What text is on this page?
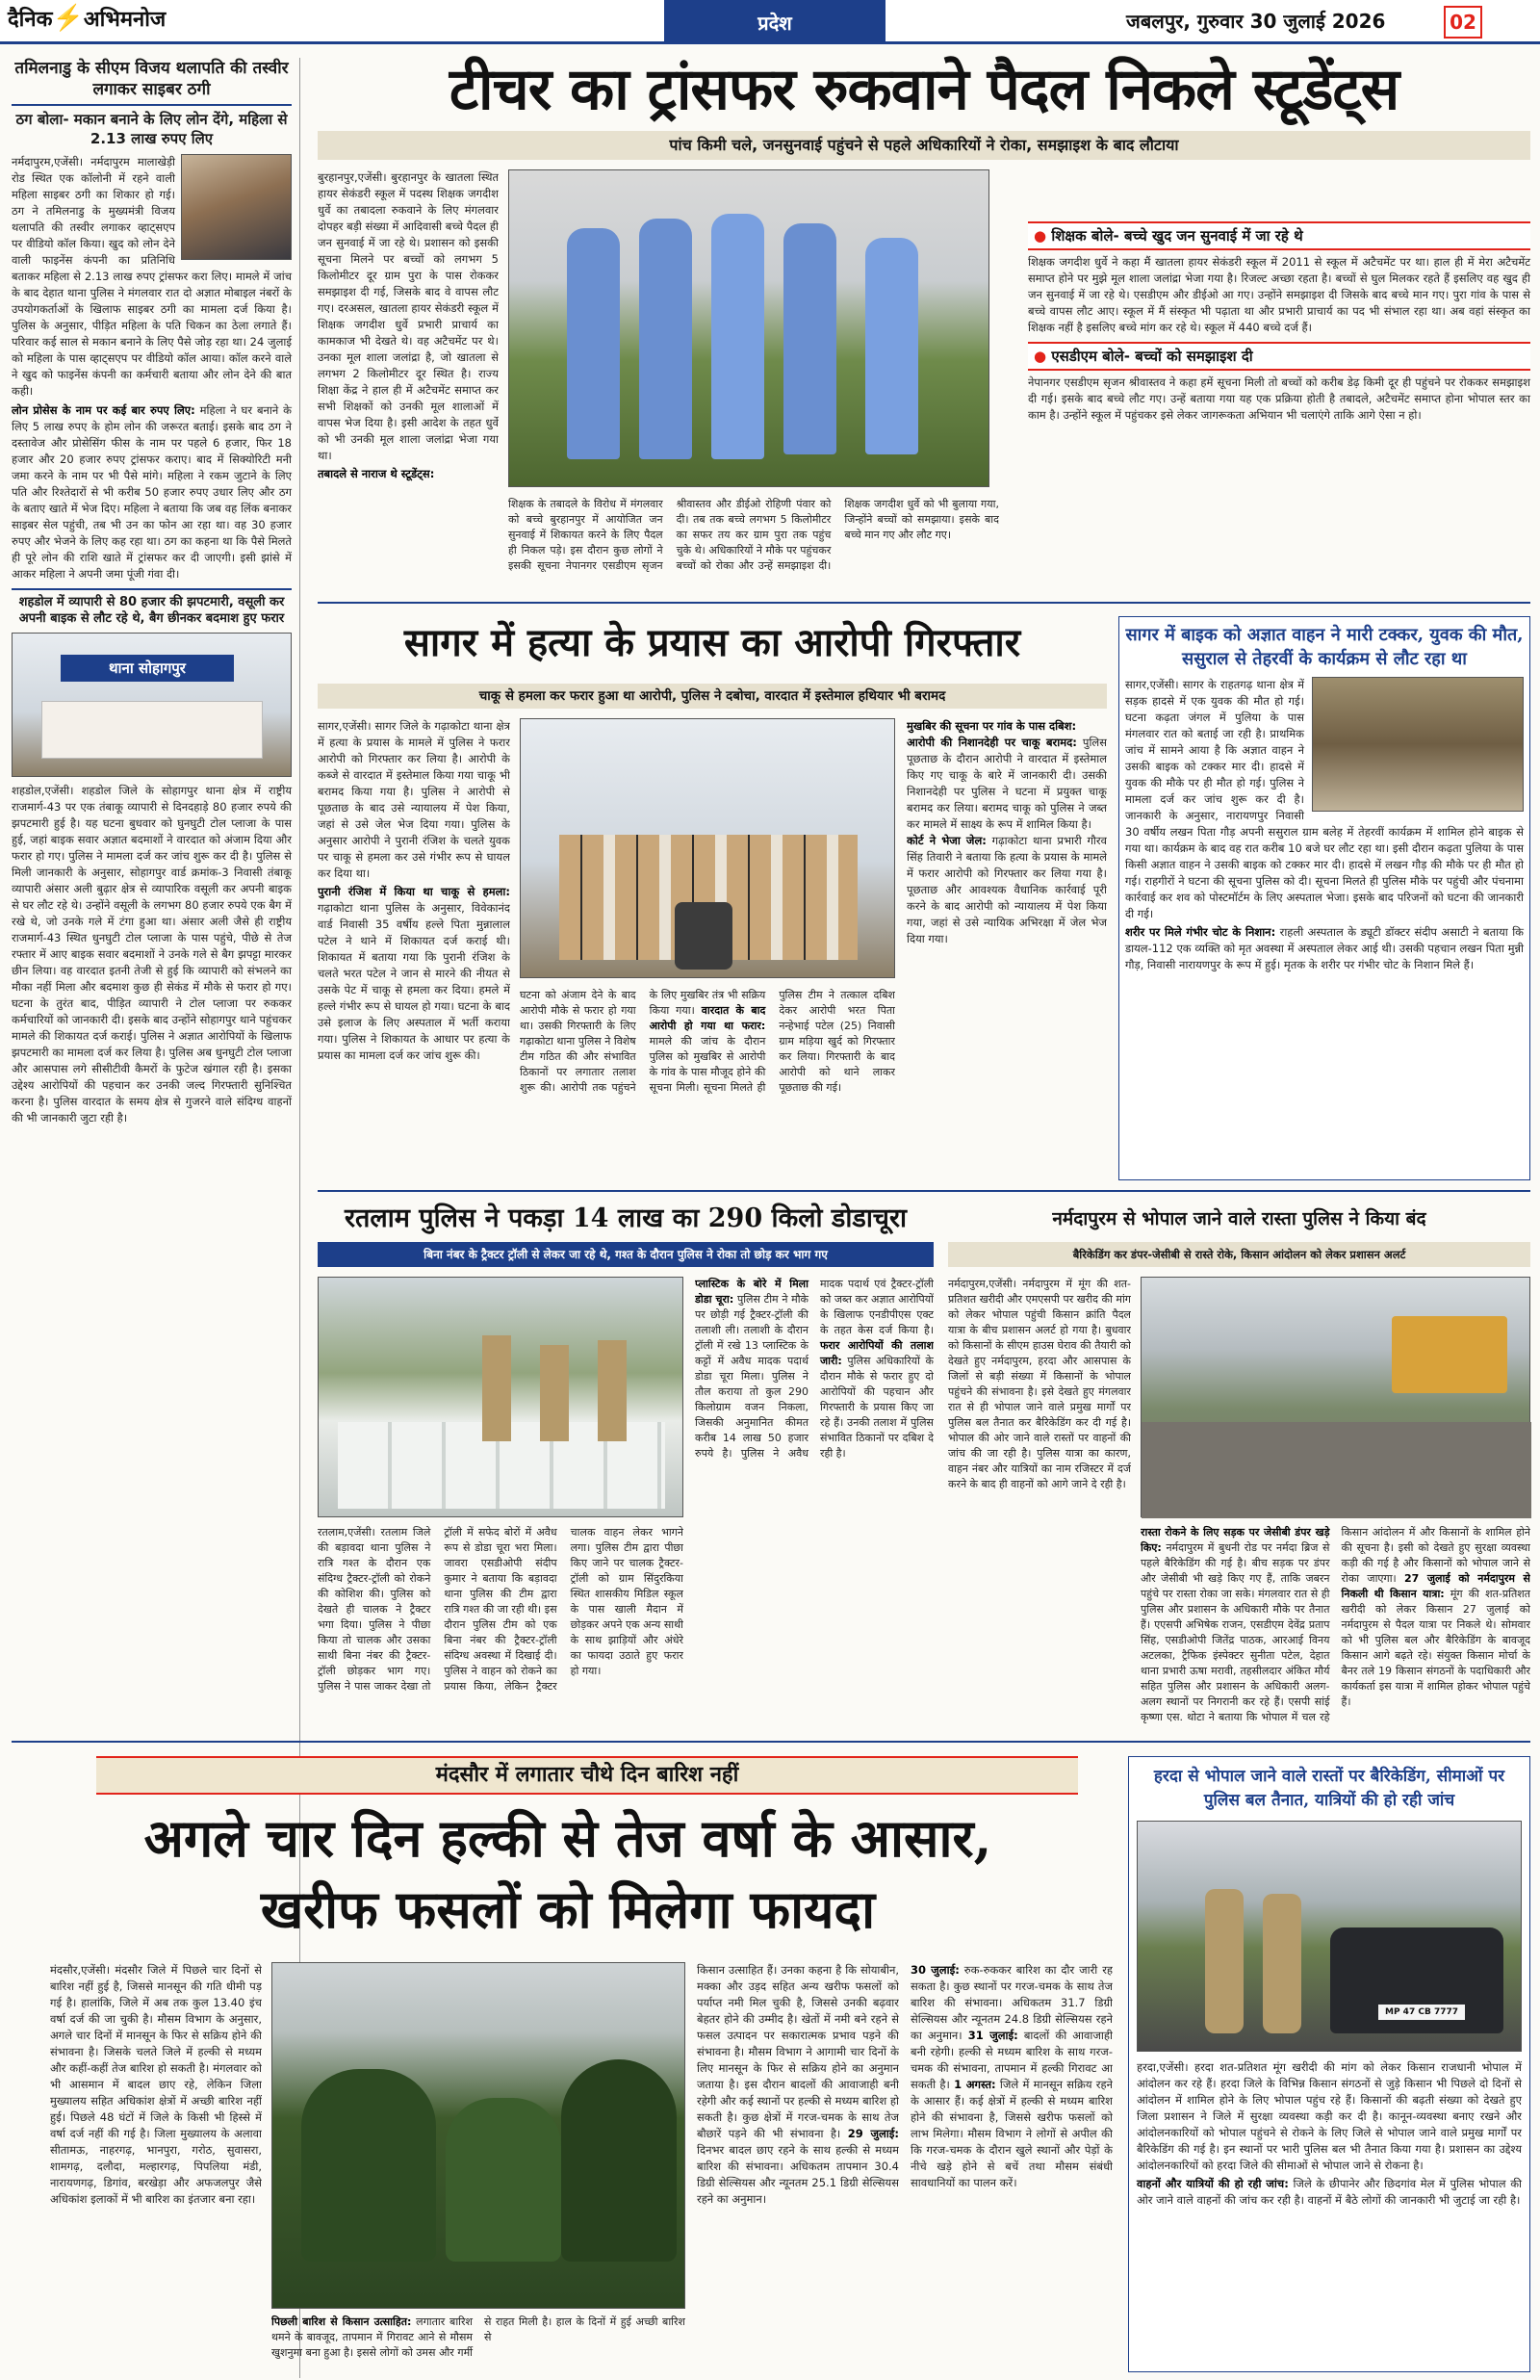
दैनिक⚡अभिमनोज	प्रदेश	जबलपुर, गुरुवार 30 जुलाई 2026	02
तमिलनाडु के सीएम विजय थलापति की तस्वीर लगाकर साइबर ठगी
ठग बोला- मकान बनाने के लिए लोन देंगे, महिला से 2.13 लाख रुपए लिए

नर्मदापुरम,एजेंसी। नर्मदापुरम मालाखेड़ी रोड स्थित एक कॉलोनी में रहने वाली महिला साइबर ठगी का शिकार हो गई। ठग ने तमिलनाडु के मुख्यमंत्री विजय थलापति की तस्वीर लगाकर व्हाट्सएप पर वीडियो कॉल किया। खुद को लोन देने वाली फाइनेंस कंपनी का प्रतिनिधि बताकर महिला से 2.13 लाख रुपए ट्रांसफर करा लिए। मामले में जांच के बाद देहात थाना पुलिस ने मंगलवार रात दो अज्ञात मोबाइल नंबरों के उपयोगकर्ताओं के खिलाफ साइबर ठगी का मामला दर्ज किया है। पुलिस के अनुसार, पीड़ित महिला के पति चिकन का ठेला लगाते हैं। परिवार कई साल से मकान बनाने के लिए पैसे जोड़ रहा था। 24 जुलाई को महिला के पास व्हाट्सएप पर वीडियो कॉल आया। कॉल करने वाले ने खुद को फाइनेंस कंपनी का कर्मचारी बताया और लोन देने की बात कही।

लोन प्रोसेस के नाम पर कई बार रुपए लिए: महिला ने घर बनाने के लिए 5 लाख रुपए के होम लोन की जरूरत बताई। इसके बाद ठग ने दस्तावेज और प्रोसेसिंग फीस के नाम पर पहले 6 हजार, फिर 18 हजार और 20 हजार रुपए ट्रांसफर कराए। बाद में सिक्योरिटी मनी जमा करने के नाम पर भी पैसे मांगे। महिला ने रकम जुटाने के लिए पति और रिश्तेदारों से भी करीब 50 हजार रुपए उधार लिए और ठग के बताए खाते में भेज दिए। महिला ने बताया कि जब वह लिंक बनाकर साइबर सेल पहुंची, तब भी उन का फोन आ रहा था। वह 30 हजार रुपए और भेजने के लिए कह रहा था। ठग का कहना था कि पैसे मिलते ही पूरे लोन की राशि खाते में ट्रांसफर कर दी जाएगी। इसी झांसे में आकर महिला ने अपनी जमा पूंजी गंवा दी।

शहडोल में व्यापारी से 80 हजार की झपटमारी, वसूली कर अपनी बाइक से लौट रहे थे, बैग छीनकर बदमाश हुए फरार
थाना सोहागपुर

शहडोल,एजेंसी। शहडोल जिले के सोहागपुर थाना क्षेत्र में राष्ट्रीय राजमार्ग-43 पर एक तंबाकू व्यापारी से दिनदहाड़े 80 हजार रुपये की झपटमारी हुई है। यह घटना बुधवार को घुनघुटी टोल प्लाजा के पास हुई, जहां बाइक सवार अज्ञात बदमाशों ने वारदात को अंजाम दिया और फरार हो गए। पुलिस ने मामला दर्ज कर जांच शुरू कर दी है। पुलिस से मिली जानकारी के अनुसार, सोहागपुर वार्ड क्रमांक-3 निवासी तंबाकू व्यापारी अंसार अली बुढ़ार क्षेत्र से व्यापारिक वसूली कर अपनी बाइक से घर लौट रहे थे। उन्होंने वसूली के लगभग 80 हजार रुपये एक बैग में रखे थे, जो उनके गले में टंगा हुआ था। अंसार अली जैसे ही राष्ट्रीय राजमार्ग-43 स्थित धुनघुटी टोल प्लाजा के पास पहुंचे, पीछे से तेज रफ्तार में आए बाइक सवार बदमाशों ने उनके गले से बैग झपट्टा मारकर छीन लिया। वह वारदात इतनी तेजी से हुई कि व्यापारी को संभलने का मौका नहीं मिला और बदमाश कुछ ही सेकंड में मौके से फरार हो गए। घटना के तुरंत बाद, पीड़ित व्यापारी ने टोल प्लाजा पर रुककर कर्मचारियों को जानकारी दी। इसके बाद उन्होंने सोहागपुर थाने पहुंचकर मामले की शिकायत दर्ज कराई। पुलिस ने अज्ञात आरोपियों के खिलाफ झपटमारी का मामला दर्ज कर लिया है। पुलिस अब धुनघुटी टोल प्लाजा और आसपास लगे सीसीटीवी कैमरों के फुटेज खंगाल रही है। इसका उद्देश्य आरोपियों की पहचान कर उनकी जल्द गिरफ्तारी सुनिश्चित करना है। पुलिस वारदात के समय क्षेत्र से गुजरने वाले संदिग्ध वाहनों की भी जानकारी जुटा रही है।

टीचर का ट्रांसफर रुकवाने पैदल निकले स्टूडेंट्स
पांच किमी चले, जनसुनवाई पहुंचने से पहले अधिकारियों ने रोका, समझाइश के बाद लौटाया

बुरहानपुर,एजेंसी। बुरहानपुर के खातला स्थित हायर सेकंडरी स्कूल में पदस्थ शिक्षक जगदीश धुर्वे का तबादला रुकवाने के लिए मंगलवार दोपहर बड़ी संख्या में आदिवासी बच्चे पैदल ही जन सुनवाई में जा रहे थे। प्रशासन को इसकी सूचना मिलने पर बच्चों को लगभग 5 किलोमीटर दूर ग्राम पुरा के पास रोककर समझाइश दी गई, जिसके बाद वे वापस लौट गए। दरअसल, खातला हायर सेकंडरी स्कूल में शिक्षक जगदीश धुर्वे प्रभारी प्राचार्य का कामकाज भी देखते थे। वह अटैचमेंट पर थे। उनका मूल शाला जलांद्रा है, जो खातला से लगभग 2 किलोमीटर दूर स्थित है। राज्य शिक्षा केंद्र ने हाल ही में अटैचमेंट समाप्त कर सभी शिक्षकों को उनकी मूल शालाओं में वापस भेज दिया है। इसी आदेश के तहत धुर्वे को भी उनकी मूल शाला जलांद्रा भेजा गया था।

तबादले से नाराज थे स्टूडेंट्स:

शिक्षक के तबादले के विरोध में मंगलवार को बच्चे बुरहानपुर में आयोजित जन सुनवाई में शिकायत करने के लिए पैदल ही निकल पड़े। इस दौरान कुछ लोगों ने इसकी सूचना नेपानगर एसडीएम सृजन श्रीवास्तव और डीईओ रोहिणी पंवार को दी। तब तक बच्चे लगभग 5 किलोमीटर का सफर तय कर ग्राम पुरा तक पहुंच चुके थे। अधिकारियों ने मौके पर पहुंचकर बच्चों को रोका और उन्हें समझाइश दी। शिक्षक जगदीश धुर्वे को भी बुलाया गया, जिन्होंने बच्चों को समझाया। इसके बाद बच्चे मान गए और लौट गए।
● शिक्षक बोले- बच्चे खुद जन सुनवाई में जा रहे थे

शिक्षक जगदीश धुर्वे ने कहा मैं खातला हायर सेकंडरी स्कूल में 2011 से स्कूल में अटैचमेंट पर था। हाल ही में मेरा अटैचमेंट समाप्त होने पर मुझे मूल शाला जलांद्रा भेजा गया है। रिजल्ट अच्छा रहता है। बच्चों से घुल मिलकर रहते हैं इसलिए वह खुद ही जन सुनवाई में जा रहे थे। एसडीएम और डीईओ आ गए। उन्होंने समझाइश दी जिसके बाद बच्चे मान गए। पुरा गांव के पास से बच्चे वापस लौट आए। स्कूल में मैं संस्कृत भी पढ़ाता था और प्रभारी प्राचार्य का पद भी संभाल रहा था। अब वहां संस्कृत का शिक्षक नहीं है इसलिए बच्चे मांग कर रहे थे। स्कूल में 440 बच्चे दर्ज हैं।

● एसडीएम बोले- बच्चों को समझाइश दी

नेपानगर एसडीएम सृजन श्रीवास्तव ने कहा हमें सूचना मिली तो बच्चों को करीब डेढ़ किमी दूर ही पहुंचने पर रोककर समझाइश दी गई। इसके बाद बच्चे लौट गए। उन्हें बताया गया यह एक प्रक्रिया होती है तबादले, अटैचमेंट समाप्त होना भोपाल स्तर का काम है। उन्होंने स्कूल में पहुंचकर इसे लेकर जागरूकता अभियान भी चलाएंगे ताकि आगे ऐसा न हो।

सागर में हत्या के प्रयास का आरोपी गिरफ्तार
चाकू से हमला कर फरार हुआ था आरोपी, पुलिस ने दबोचा, वारदात में इस्तेमाल हथियार भी बरामद

सागर,एजेंसी। सागर जिले के गढ़ाकोटा थाना क्षेत्र में हत्या के प्रयास के मामले में पुलिस ने फरार आरोपी को गिरफ्तार कर लिया है। आरोपी के कब्जे से वारदात में इस्तेमाल किया गया चाकू भी बरामद किया गया है। पुलिस ने आरोपी से पूछताछ के बाद उसे न्यायालय में पेश किया, जहां से उसे जेल भेज दिया गया। पुलिस के अनुसार आरोपी ने पुरानी रंजिश के चलते युवक पर चाकू से हमला कर उसे गंभीर रूप से घायल कर दिया था।

पुरानी रंजिश में किया था चाकू से हमला: गढ़ाकोटा थाना पुलिस के अनुसार, विवेकानंद वार्ड निवासी 35 वर्षीय हल्ले पिता मुन्नालाल पटेल ने थाने में शिकायत दर्ज कराई थी। शिकायत में बताया गया कि पुरानी रंजिश के चलते भरत पटेल ने जान से मारने की नीयत से उसके पेट में चाकू से हमला कर दिया। हमले में हल्ले गंभीर रूप से घायल हो गया। घटना के बाद उसे इलाज के लिए अस्पताल में भर्ती कराया गया। पुलिस ने शिकायत के आधार पर हत्या के प्रयास का मामला दर्ज कर जांच शुरू की।

घटना को अंजाम देने के बाद आरोपी मौके से फरार हो गया था। उसकी गिरफ्तारी के लिए गढ़ाकोटा थाना पुलिस ने विशेष टीम गठित की और संभावित ठिकानों पर लगातार तलाश शुरू की। आरोपी तक पहुंचने के लिए मुखबिर तंत्र भी सक्रिय किया गया। वारदात के बाद आरोपी हो गया था फरार: मामले की जांच के दौरान पुलिस को मुखबिर से आरोपी के गांव के पास मौजूद होने की सूचना मिली। सूचना मिलते ही पुलिस टीम ने तत्काल दबिश देकर आरोपी भरत पिता नन्हेभाई पटेल (25) निवासी ग्राम मड़िया खुर्द को गिरफ्तार कर लिया। गिरफ्तारी के बाद आरोपी को थाने लाकर पूछताछ की गई।

मुखबिर की सूचना पर गांव के पास दबिश:

आरोपी की निशानदेही पर चाकू बरामद: पुलिस पूछताछ के दौरान आरोपी ने वारदात में इस्तेमाल किए गए चाकू के बारे में जानकारी दी। उसकी निशानदेही पर पुलिस ने घटना में प्रयुक्त चाकू बरामद कर लिया। बरामद चाकू को पुलिस ने जब्त कर मामले में साक्ष्य के रूप में शामिल किया है।

कोर्ट ने भेजा जेल: गढ़ाकोटा थाना प्रभारी गौरव सिंह तिवारी ने बताया कि हत्या के प्रयास के मामले में फरार आरोपी को गिरफ्तार कर लिया गया है। पूछताछ और आवश्यक वैधानिक कार्रवाई पूरी करने के बाद आरोपी को न्यायालय में पेश किया गया, जहां से उसे न्यायिक अभिरक्षा में जेल भेज दिया गया।

सागर में बाइक को अज्ञात वाहन ने मारी टक्कर, युवक की मौत, ससुराल से तेहरवीं के कार्यक्रम से लौट रहा था

सागर,एजेंसी। सागर के राहतगढ़ थाना क्षेत्र में सड़क हादसे में एक युवक की मौत हो गई। घटना कढ़ता जंगल में पुलिया के पास मंगलवार रात को बताई जा रही है। प्राथमिक जांच में सामने आया है कि अज्ञात वाहन ने उसकी बाइक को टक्कर मार दी। हादसे में युवक की मौके पर ही मौत हो गई। पुलिस ने मामला दर्ज कर जांच शुरू कर दी है। जानकारी के अनुसार, नारायणपुर निवासी 30 वर्षीय लखन पिता गौड़ अपनी ससुराल ग्राम बलेह में तेहरवीं कार्यक्रम में शामिल होने बाइक से गया था। कार्यक्रम के बाद वह रात करीब 10 बजे घर लौट रहा था। इसी दौरान कढ़ता पुलिया के पास किसी अज्ञात वाहन ने उसकी बाइक को टक्कर मार दी। हादसे में लखन गौड़ की मौके पर ही मौत हो गई। राहगीरों ने घटना की सूचना पुलिस को दी। सूचना मिलते ही पुलिस मौके पर पहुंची और पंचनामा कार्रवाई कर शव को पोस्टमॉर्टम के लिए अस्पताल भेजा। इसके बाद परिजनों को घटना की जानकारी दी गई।

शरीर पर मिले गंभीर चोट के निशान: राहली अस्पताल के ड्यूटी डॉक्टर संदीप असाटी ने बताया कि डायल-112 एक व्यक्ति को मृत अवस्था में अस्पताल लेकर आई थी। उसकी पहचान लखन पिता मुन्नी गौड़, निवासी नारायणपुर के रूप में हुई। मृतक के शरीर पर गंभीर चोट के निशान मिले हैं।

रतलाम पुलिस ने पकड़ा 14 लाख का 290 किलो डोडाचूरा
बिना नंबर के ट्रैक्टर ट्रॉली से लेकर जा रहे थे, गश्त के दौरान पुलिस ने रोका तो छोड़ कर भाग गए
रतलाम,एजेंसी। रतलाम जिले की बड़ावदा थाना पुलिस ने रात्रि गश्त के दौरान एक संदिग्ध ट्रैक्टर-ट्रॉली को रोकने की कोशिश की। पुलिस को देखते ही चालक ने ट्रैक्टर भगा दिया। पुलिस ने पीछा किया तो चालक और उसका साथी बिना नंबर की ट्रैक्टर-ट्रॉली छोड़कर भाग गए। पुलिस ने पास जाकर देखा तो ट्रॉली में सफेद बोरों में अवैध रूप से डोडा चूरा भरा मिला। जावरा एसडीओपी संदीप कुमार ने बताया कि बड़ावदा थाना पुलिस की टीम द्वारा रात्रि गश्त की जा रही थी। इस दौरान पुलिस टीम को एक बिना नंबर की ट्रैक्टर-ट्रॉली संदिग्ध अवस्था में दिखाई दी। पुलिस ने वाहन को रोकने का प्रयास किया, लेकिन ट्रैक्टर चालक वाहन लेकर भागने लगा। पुलिस टीम द्वारा पीछा किए जाने पर चालक ट्रैक्टर-ट्रॉली को ग्राम सिंदुरकिया स्थित शासकीय मिडिल स्कूल के पास खाली मैदान में छोड़कर अपने एक अन्य साथी के साथ झाड़ियों और अंधेरे का फायदा उठाते हुए फरार हो गया।
प्लास्टिक के बोरे में मिला डोडा चूरा: पुलिस टीम ने मौके पर छोड़ी गई ट्रैक्टर-ट्रॉली की तलाशी ली। तलाशी के दौरान ट्रॉली में रखे 13 प्लास्टिक के कट्टों में अवैध मादक पदार्थ डोडा चूरा मिला। पुलिस ने तौल कराया तो कुल 290 किलोग्राम वजन निकला, जिसकी अनुमानित कीमत करीब 14 लाख 50 हजार रुपये है। पुलिस ने अवैध मादक पदार्थ एवं ट्रैक्टर-ट्रॉली को जब्त कर अज्ञात आरोपियों के खिलाफ एनडीपीएस एक्ट के तहत केस दर्ज किया है। फरार आरोपियों की तलाश जारी: पुलिस अधिकारियों के दौरान मौके से फरार हुए दो आरोपियों की पहचान और गिरफ्तारी के प्रयास किए जा रहे हैं। उनकी तलाश में पुलिस संभावित ठिकानों पर दबिश दे रही है।
नर्मदापुरम से भोपाल जाने वाले रास्ता पुलिस ने किया बंद
बैरिकेडिंग कर डंपर-जेसीबी से रास्ते रोके, किसान आंदोलन को लेकर प्रशासन अलर्ट
नर्मदापुरम,एजेंसी। नर्मदापुरम में मूंग की शत-प्रतिशत खरीदी और एमएसपी पर खरीद की मांग को लेकर भोपाल पहुंची किसान क्रांति पैदल यात्रा के बीच प्रशासन अलर्ट हो गया है। बुधवार को किसानों के सीएम हाउस घेराव की तैयारी को देखते हुए नर्मदापुरम, हरदा और आसपास के जिलों से बड़ी संख्या में किसानों के भोपाल पहुंचने की संभावना है। इसे देखते हुए मंगलवार रात से ही भोपाल जाने वाले प्रमुख मार्गों पर पुलिस बल तैनात कर बैरिकेडिंग कर दी गई है। भोपाल की ओर जाने वाले रास्तों पर वाहनों की जांच की जा रही है। पुलिस यात्रा का कारण, वाहन नंबर और यात्रियों का नाम रजिस्टर में दर्ज करने के बाद ही वाहनों को आगे जाने दे रही है।
रास्ता रोकने के लिए सड़क पर जेसीबी डंपर खड़े किए: नर्मदापुरम में बुधनी रोड पर नर्मदा ब्रिज से पहले बैरिकेडिंग की गई है। बीच सड़क पर डंपर और जेसीबी भी खड़े किए गए हैं, ताकि जबरन पहुंचे पर रास्ता रोका जा सके। मंगलवार रात से ही पुलिस और प्रशासन के अधिकारी मौके पर तैनात हैं। एएसपी अभिषेक राजन, एसडीएम देवेंद्र प्रताप सिंह, एसडीओपी जितेंद्र पाठक, आरआई विनय अटलका, ट्रैफिक इंस्पेक्टर सुनीता पटेल, देहात थाना प्रभारी ऊषा मरावी, तहसीलदार अंकित मौर्य सहित पुलिस और प्रशासन के अधिकारी अलग-अलग स्थानों पर निगरानी कर रहे हैं। एसपी सांई कृष्णा एस. थोटा ने बताया कि भोपाल में चल रहे किसान आंदोलन में और किसानों के शामिल होने की सूचना है। इसी को देखते हुए सुरक्षा व्यवस्था कड़ी की गई है और किसानों को भोपाल जाने से रोका जाएगा। 27 जुलाई को नर्मदापुरम से निकली थी किसान यात्रा: मूंग की शत-प्रतिशत खरीदी को लेकर किसान 27 जुलाई को नर्मदापुरम से पैदल यात्रा पर निकले थे। सोमवार को भी पुलिस बल और बैरिकेडिंग के बावजूद किसान आगे बढ़ते रहे। संयुक्त किसान मोर्चा के बैनर तले 19 किसान संगठनों के पदाधिकारी और कार्यकर्ता इस यात्रा में शामिल होकर भोपाल पहुंचे हैं।
मंदसौर में लगातार चौथे दिन बारिश नहीं
अगले चार दिन हल्की से तेज वर्षा के आसार,
खरीफ फसलों को मिलेगा फायदा
मंदसौर,एजेंसी। मंदसौर जिले में पिछले चार दिनों से बारिश नहीं हुई है, जिससे मानसून की गति धीमी पड़ गई है। हालांकि, जिले में अब तक कुल 13.40 इंच वर्षा दर्ज की जा चुकी है। मौसम विभाग के अनुसार, अगले चार दिनों में मानसून के फिर से सक्रिय होने की संभावना है। जिसके चलते जिले में हल्की से मध्यम और कहीं-कहीं तेज बारिश हो सकती है। मंगलवार को भी आसमान में बादल छाए रहे, लेकिन जिला मुख्यालय सहित अधिकांश क्षेत्रों में अच्छी बारिश नहीं हुई। पिछले 48 घंटों में जिले के किसी भी हिस्से में वर्षा दर्ज नहीं की गई है। जिला मुख्यालय के अलावा सीतामऊ, नाहरगढ़, भानपुरा, गरोठ, सुवासरा, शामगढ़, दलौदा, मल्हारगढ़, पिपलिया मंडी, नारायणगढ़, डिगांव, बरखेड़ा और अफजलपुर जैसे अधिकांश इलाकों में भी बारिश का इंतजार बना रहा।
पिछली बारिश से किसान उत्साहित: लगातार बारिश थमने के बावजूद, तापमान में गिरावट आने से मौसम खुशनुमा बना हुआ है। इससे लोगों को उमस और गर्मी से राहत मिली है। हाल के दिनों में हुई अच्छी बारिश से
किसान उत्साहित हैं। उनका कहना है कि सोयाबीन, मक्का और उड़द सहित अन्य खरीफ फसलों को पर्याप्त नमी मिल चुकी है, जिससे उनकी बढ़वार बेहतर होने की उम्मीद है। खेतों में नमी बने रहने से फसल उत्पादन पर सकारात्मक प्रभाव पड़ने की संभावना है। मौसम विभाग ने आगामी चार दिनों के लिए मानसून के फिर से सक्रिय होने का अनुमान जताया है। इस दौरान बादलों की आवाजाही बनी रहेगी और कई स्थानों पर हल्की से मध्यम बारिश हो सकती है। कुछ क्षेत्रों में गरज-चमक के साथ तेज बौछारें पड़ने की भी संभावना है। 29 जुलाई: दिनभर बादल छाए रहने के साथ हल्की से मध्यम बारिश की संभावना। अधिकतम तापमान 30.4 डिग्री सेल्सियस और न्यूनतम 25.1 डिग्री सेल्सियस रहने का अनुमान।
30 जुलाई: रुक-रुककर बारिश का दौर जारी रह सकता है। कुछ स्थानों पर गरज-चमक के साथ तेज बारिश की संभावना। अधिकतम 31.7 डिग्री सेल्सियस और न्यूनतम 24.8 डिग्री सेल्सियस रहने का अनुमान। 31 जुलाई: बादलों की आवाजाही बनी रहेगी। हल्की से मध्यम बारिश के साथ गरज-चमक की संभावना, तापमान में हल्की गिरावट आ सकती है। 1 अगस्त: जिले में मानसून सक्रिय रहने के आसार हैं। कई क्षेत्रों में हल्की से मध्यम बारिश होने की संभावना है, जिससे खरीफ फसलों को लाभ मिलेगा। मौसम विभाग ने लोगों से अपील की कि गरज-चमक के दौरान खुले स्थानों और पेड़ों के नीचे खड़े होने से बचें तथा मौसम संबंधी सावधानियों का पालन करें।
हरदा से भोपाल जाने वाले रास्तों पर बैरिकेडिंग, सीमाओं पर पुलिस बल तैनात, यात्रियों की हो रही जांच
MP 47 CB 7777

हरदा,एजेंसी। हरदा शत-प्रतिशत मूंग खरीदी की मांग को लेकर किसान राजधानी भोपाल में आंदोलन कर रहे हैं। हरदा जिले के विभिन्न किसान संगठनों से जुड़े किसान भी पिछले दो दिनों से आंदोलन में शामिल होने के लिए भोपाल पहुंच रहे हैं। किसानों की बढ़ती संख्या को देखते हुए जिला प्रशासन ने जिले में सुरक्षा व्यवस्था कड़ी कर दी है। कानून-व्यवस्था बनाए रखने और आंदोलनकारियों को भोपाल पहुंचने से रोकने के लिए जिले से भोपाल जाने वाले प्रमुख मार्गों पर बैरिकेडिंग की गई है। इन स्थानों पर भारी पुलिस बल भी तैनात किया गया है। प्रशासन का उद्देश्य आंदोलनकारियों को हरदा जिले की सीमाओं से भोपाल जाने से रोकना है।

वाहनों और यात्रियों की हो रही जांच: जिले के छीपानेर और छिदगांव मेल में पुलिस भोपाल की ओर जाने वाले वाहनों की जांच कर रही है। वाहनों में बैठे लोगों की जानकारी भी जुटाई जा रही है।
